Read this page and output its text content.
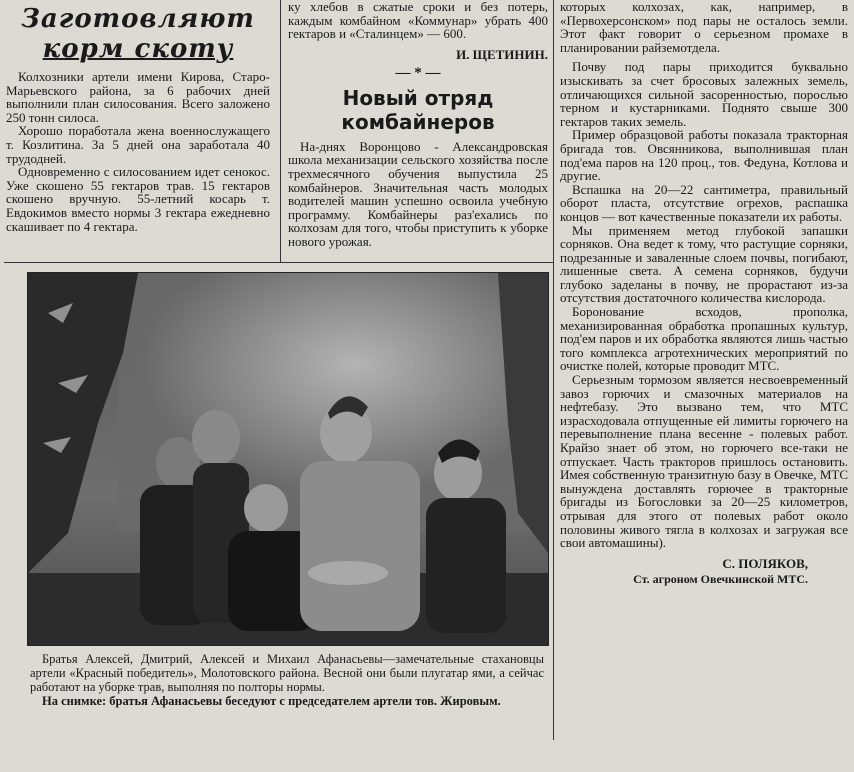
Заготовляют
корм скоту

Колхозники артели имени Кирова, Старо-Марьевского района, за 6 рабочих дней выполнили план силосования. Всего заложено 250 тонн силоса.

Хорошо поработала жена военнослужащего т. Козлитина. За 5 дней она заработала 40 трудодней.

Одновременно с силосованием идет сенокос. Уже скошено 55 гектаров трав. 15 гектаров скошено вручную. 55-летний косарь т. Евдокимов вместо нормы 3 гектара ежедневно скашивает по 4 гектара.

ку хлебов в сжатые сроки и без потерь, каждым комбайном «Коммунар» убрать 400 гектаров и «Сталинцем» — 600.

И. ЩЕТИНИН.
— * —
Новый отряд комбайнеров

На-днях Воронцово - Александровская школа механизации сельского хозяйства после трехмесячного обучения выпустила 25 комбайнеров. Значительная часть молодых водителей машин успешно освоила учебную программу. Комбайнеры раз'ехались по колхозам для того, чтобы приступить к уборке нового урожая.

Братья Алексей, Дмитрий, Алексей и Михаил Афанасьевы—замечательные стахановцы артели «Красный победитель», Молотовского района. Весной они были плугатар ями, а сейчас работают на уборке трав, выполняя по полторы нормы.

На снимке: братья Афанасьевы беседуют с председателем артели тов. Жировым.

которых колхозах, как, например, в «Первохерсонском» под пары не осталось земли. Этот факт говорит о серьезном промахе в планировании райземотдела.

Почву под пары приходится буквально изыскивать за счет бросовых залежных земель, отличающихся сильной засоренностью, порослью терном и кустарниками. Поднято свыше 300 гектаров таких земель.

Пример образцовой работы показала тракторная бригада тов. Овсянникова, выполнившая план под'ема паров на 120 проц., тов. Федуна, Котлова и другие.

Вспашка на 20—22 сантиметра, правильный оборот пласта, отсутствие огрехов, распашка концов — вот качественные показатели их работы.

Мы применяем метод глубокой запашки сорняков. Она ведет к тому, что растущие сорняки, подрезанные и заваленные слоем почвы, погибают, лишенные света. А семена сорняков, будучи глубоко заделаны в почву, не прорастают из-за отсутствия достаточного количества кислорода.

Боронование всходов, прополка, механизированная обработка пропашных культур, под'ем паров и их обработка являются лишь частью того комплекса агротехнических мероприятий по очистке полей, которые проводит МТС.

Серьезным тормозом является несвоевременный завоз горючих и смазочных материалов на нефтебазу. Это вызвано тем, что МТС израсходовала отпущенные ей лимиты горючего на перевыполнение плана весенне - полевых работ. Крайзо знает об этом, но горючего все-таки не отпускает. Часть тракторов пришлось остановить. Имея собственную транзитную базу в Овечке, МТС вынуждена доставлять горючее в тракторные бригады из Богословки за 20—25 километров, отрывая для этого от полевых работ около половины живого тягла в колхозах и загружая все свои автомашины).

С. ПОЛЯКОВ,
Ст. агроном Овечкинской МТС.
